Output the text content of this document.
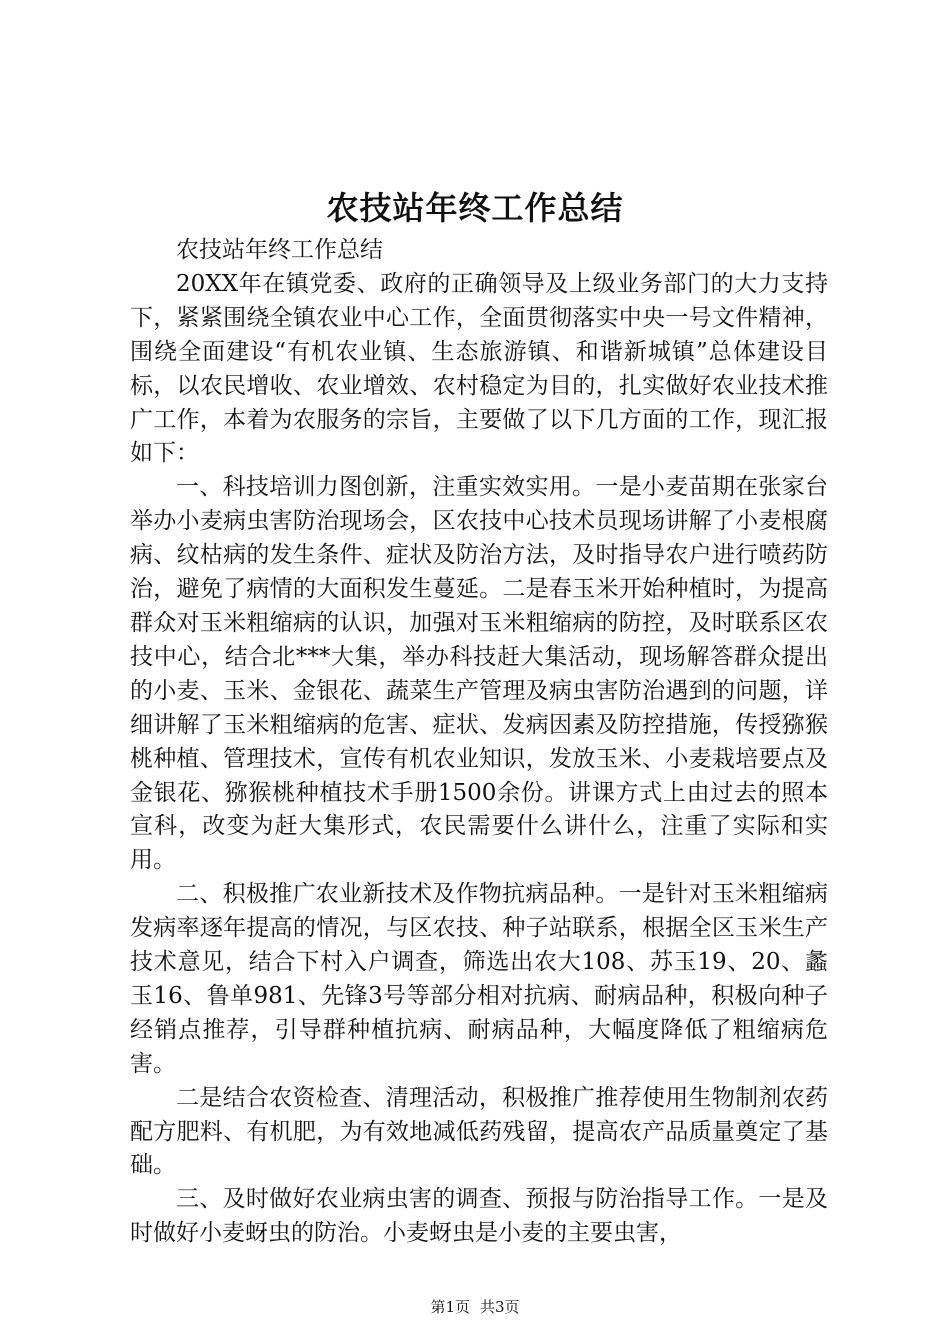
农技站年终工作总结

农技站年终工作总结

20XX年在镇党委、政府的正确领导及上级业务部门的大力支持下，紧紧围绕全镇农业中心工作，全面贯彻落实中央一号文件精神，围绕全面建设“有机农业镇、生态旅游镇、和谐新城镇”总体建设目标，以农民增收、农业增效、农村稳定为目的，扎实做好农业技术推广工作，本着为农服务的宗旨，主要做了以下几方面的工作，现汇报如下：

一、科技培训力图创新，注重实效实用。一是小麦苗期在张家台举办小麦病虫害防治现场会，区农技中心技术员现场讲解了小麦根腐病、纹枯病的发生条件、症状及防治方法，及时指导农户进行喷药防治，避免了病情的大面积发生蔓延。二是春玉米开始种植时，为提高群众对玉米粗缩病的认识，加强对玉米粗缩病的防控，及时联系区农技中心，结合北***大集，举办科技赶大集活动，现场解答群众提出的小麦、玉米、金银花、蔬菜生产管理及病虫害防治遇到的问题，详细讲解了玉米粗缩病的危害、症状、发病因素及防控措施，传授猕猴桃种植、管理技术，宣传有机农业知识，发放玉米、小麦栽培要点及金银花、猕猴桃种植技术手册1500余份。讲课方式上由过去的照本宣科，改变为赶大集形式，农民需要什么讲什么，注重了实际和实用。

二、积极推广农业新技术及作物抗病品种。一是针对玉米粗缩病发病率逐年提高的情况，与区农技、种子站联系，根据全区玉米生产技术意见，结合下村入户调查，筛选出农大108、苏玉19、20、蠡玉16、鲁单981、先锋3号等部分相对抗病、耐病品种，积极向种子经销点推荐，引导群种植抗病、耐病品种，大幅度降低了粗缩病危害。

二是结合农资检查、清理活动，积极推广推荐使用生物制剂农药配方肥料、有机肥，为有效地减低药残留，提高农产品质量奠定了基础。

三、及时做好农业病虫害的调查、预报与防治指导工作。一是及时做好小麦蚜虫的防治。小麦蚜虫是小麦的主要虫害，

第1页 共3页
